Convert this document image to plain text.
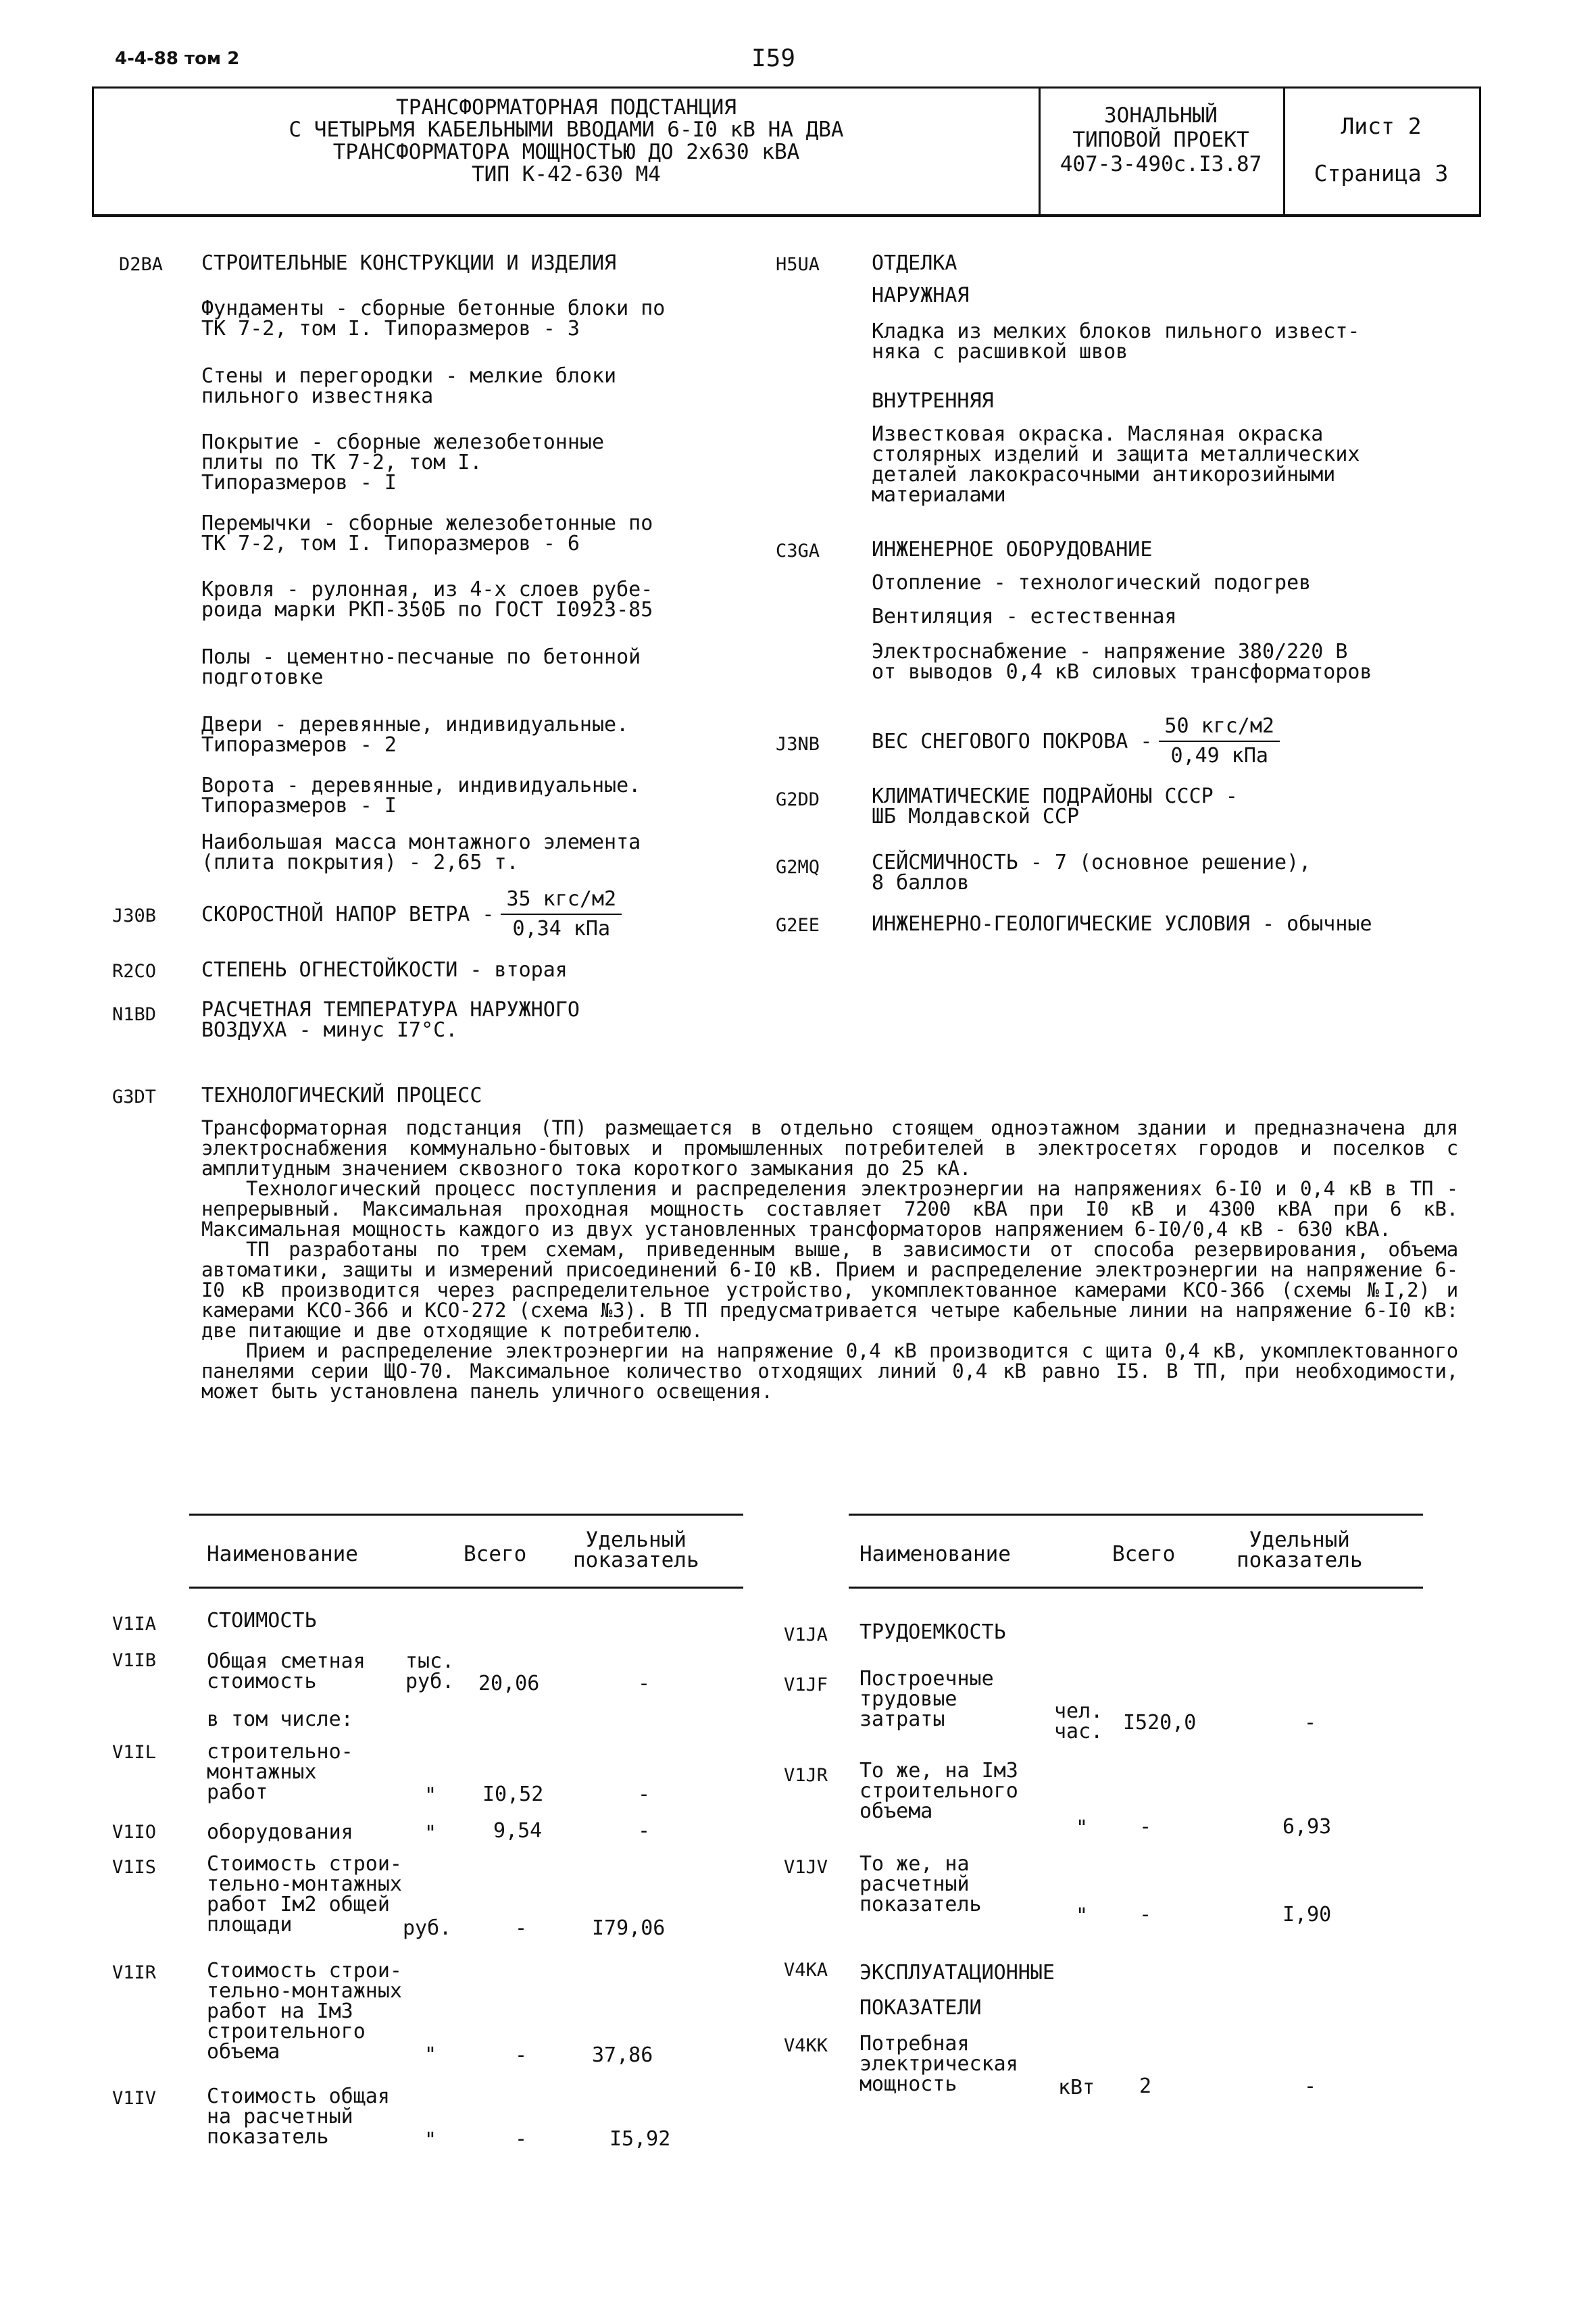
4-4-88 том 2	I59
ТРАНСФОРМАТОРНАЯ ПОДСТАНЦИЯ
С ЧЕТЫРЬМЯ КАБЕЛЬНЫМИ ВВОДАМИ 6-I0 кВ НА ДВА
ТРАНСФОРМАТОРА МОЩНОСТЬЮ ДО 2х630 кВА
ТИП К-42-630 М4
ЗОНАЛЬНЫЙ
ТИПОВОЙ ПРОЕКТ
407-3-490с.I3.87
Лист 2
Страница 3
D2BA СТРОИТЕЛЬНЫЕ КОНСТРУКЦИИ И ИЗДЕЛИЯ
Фундаменты - сборные бетонные блоки по
ТК 7-2, том I. Типоразмеров - 3
Стены и перегородки - мелкие блоки
пильного известняка
Покрытие - сборные железобетонные
плиты по ТК 7-2, том I.
Типоразмеров - I
Перемычки - сборные железобетонные по
ТК 7-2, том I. Типоразмеров - 6
Кровля - рулонная, из 4-х слоев рубе-
роида марки РКП-350Б по ГОСТ I0923-85
Полы - цементно-песчаные по бетонной
подготовке
Двери - деревянные, индивидуальные.
Типоразмеров - 2
Ворота - деревянные, индивидуальные.
Типоразмеров - I
Наибольшая масса монтажного элемента
(плита покрытия) - 2,65 т.
J30B СКОРОСТНОЙ НАПОР ВЕТРА - $\frac{\text{35 кгс/м2}}{\text{0,34 кПа}}$
R2CO СТЕПЕНЬ ОГНЕСТОЙКОСТИ - вторая
N1BD РАСЧЕТНАЯ ТЕМПЕРАТУРА НАРУЖНОГО
ВОЗДУХА - минус I7°С.
H5UA	ОТДЕЛКА
НАРУЖНАЯ
Кладка из мелких блоков пильного извест-
няка с расшивкой швов
ВНУТРЕННЯЯ
Известковая окраска. Масляная окраска
столярных изделий и защита металлических
деталей лакокрасочными антикорозийными
материалами
C3GA	ИНЖЕНЕРНОЕ ОБОРУДОВАНИЕ
Отопление - технологический подогрев
Вентиляция - естественная
Электроснабжение - напряжение 380/220 В
от выводов 0,4 кВ силовых трансформаторов
J3NB	ВЕС СНЕГОВОГО ПОКРОВА - $\frac{\text{50 кгс/м2}}{\text{0,49 кПа}}$
G2DD	КЛИМАТИЧЕСКИЕ ПОДРАЙОНЫ СССР -
ШБ Молдавской ССР
G2MQ	СЕЙСМИЧНОСТЬ - 7 (основное решение),
8 баллов
G2EE	ИНЖЕНЕРНО-ГЕОЛОГИЧЕСКИЕ УСЛОВИЯ - обычные
G3DT ТЕХНОЛОГИЧЕСКИЙ ПРОЦЕСС

Трансформаторная подстанция (ТП) размещается в отдельно стоящем одноэтажном здании и предназначена для электроснабжения коммунально-бытовых и промышленных потребителей в электросетях городов и поселков с амплитудным значением сквозного тока короткого замыкания до 25 кА.

Технологический процесс поступления и распределения электроэнергии на напряжениях 6-I0 и 0,4 кВ в ТП - непрерывный. Максимальная проходная мощность составляет 7200 кВА при I0 кВ и 4300 кВА при 6 кВ. Максимальная мощность каждого из двух установленных трансформаторов напряжением 6-I0/0,4 кВ - 630 кВА.

ТП разработаны по трем схемам, приведенным выше, в зависимости от способа резервирования, объема автоматики, защиты и измерений присоединений 6-I0 кВ. Прием и распределение электроэнергии на напряжение 6-I0 кВ производится через распределительное устройство, укомплектованное камерами КСО-366 (схемы №I,2) и камерами КСО-366 и КСО-272 (схема №3). В ТП предусматривается четыре кабельные линии на напряжение 6-I0 кВ: две питающие и две отходящие к потребителю.

Прием и распределение электроэнергии на напряжение 0,4 кВ производится с щита 0,4 кВ, укомплектованного панелями серии ЩО-70. Максимальное количество отходящих линий 0,4 кВ равно I5. В ТП, при необходимости, может быть установлена панель уличного освещения.

Наименование	Всего
Удельный
показатель	Наименование	Всего
Удельный
показатель
V1IA СТОИМОСТЬ
V1IB Общая сметная
стоимость
тыс.
руб. 20,06	-
в том числе:
V1IL строительно-
монтажных
работ	" I0,52	-
V1IO оборудования	"	9,54	-
V1IS Стоимость строи-
тельно-монтажных
работ Iм2 общей
площади	руб.	-	I79,06
V1IR Стоимость строи-
тельно-монтажных
работ на Iм3
строительного
объема	"	-	37,86
V1IV Стоимость общая
на расчетный
показатель	"	-	I5,92
V1JA ТРУДОЕМКОСТЬ
V1JF Построечные
трудовые
затраты	чел.
час. I520,0	-
V1JR То же, на Iм3
строительного
объема
"	-	6,93
V1JV То же, на
расчетный
показатель	"	-	I,90
V4KA ЭКСПЛУАТАЦИОННЫЕ
ПОКАЗАТЕЛИ
V4KK Потребная
электрическая
мощность	кВт 2	-
